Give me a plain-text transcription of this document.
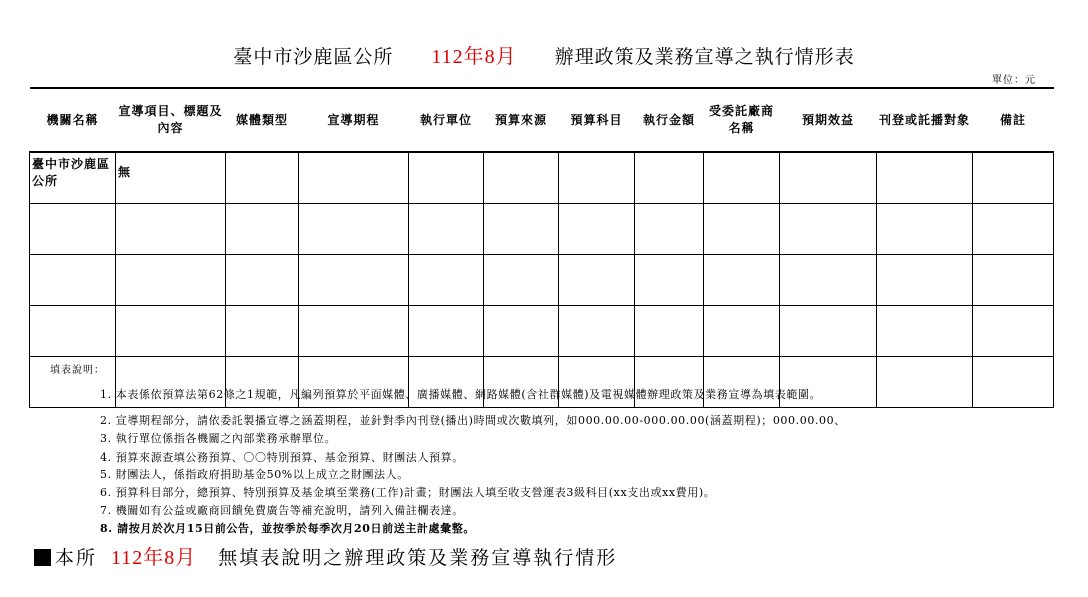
臺中市沙鹿區公所 112年8月 辦理政策及業務宣導之執行情形表
單位：元
機關名稱	宣導項目、標題及內容	媒體類型	宣導期程	執行單位	預算來源	預算科目	執行金額	受委託廠商名稱	預期效益	刊登或託播對象	備註
臺中市沙鹿區公所	無										

填表說明：
1. 本表係依預算法第62條之1規範，凡編列預算於平面媒體、廣播媒體、網路媒體(含社群媒體)及電視媒體辦理政策及業務宣導為填表範圍。
2. 宣導期程部分，請依委託製播宣導之涵蓋期程，並針對季內刊登(播出)時間或次數填列，如000.00.00-000.00.00(涵蓋期程)；000.00.00、
3. 執行單位係指各機關之內部業務承辦單位。
4. 預算來源查填公務預算、〇〇特別預算、基金預算、財團法人預算。
5. 財團法人，係指政府捐助基金50%以上成立之財團法人。
6. 預算科目部分，總預算、特別預算及基金填至業務(工作)計畫；財團法人填至收支營運表3級科目(xx支出或xx費用)。
7. 機關如有公益或廠商回饋免費廣告等補充說明，請列入備註欄表達。
8. 請按月於次月15日前公告，並按季於每季次月20日前送主計處彙整。
本所 112年8月 無填表說明之辦理政策及業務宣導執行情形
